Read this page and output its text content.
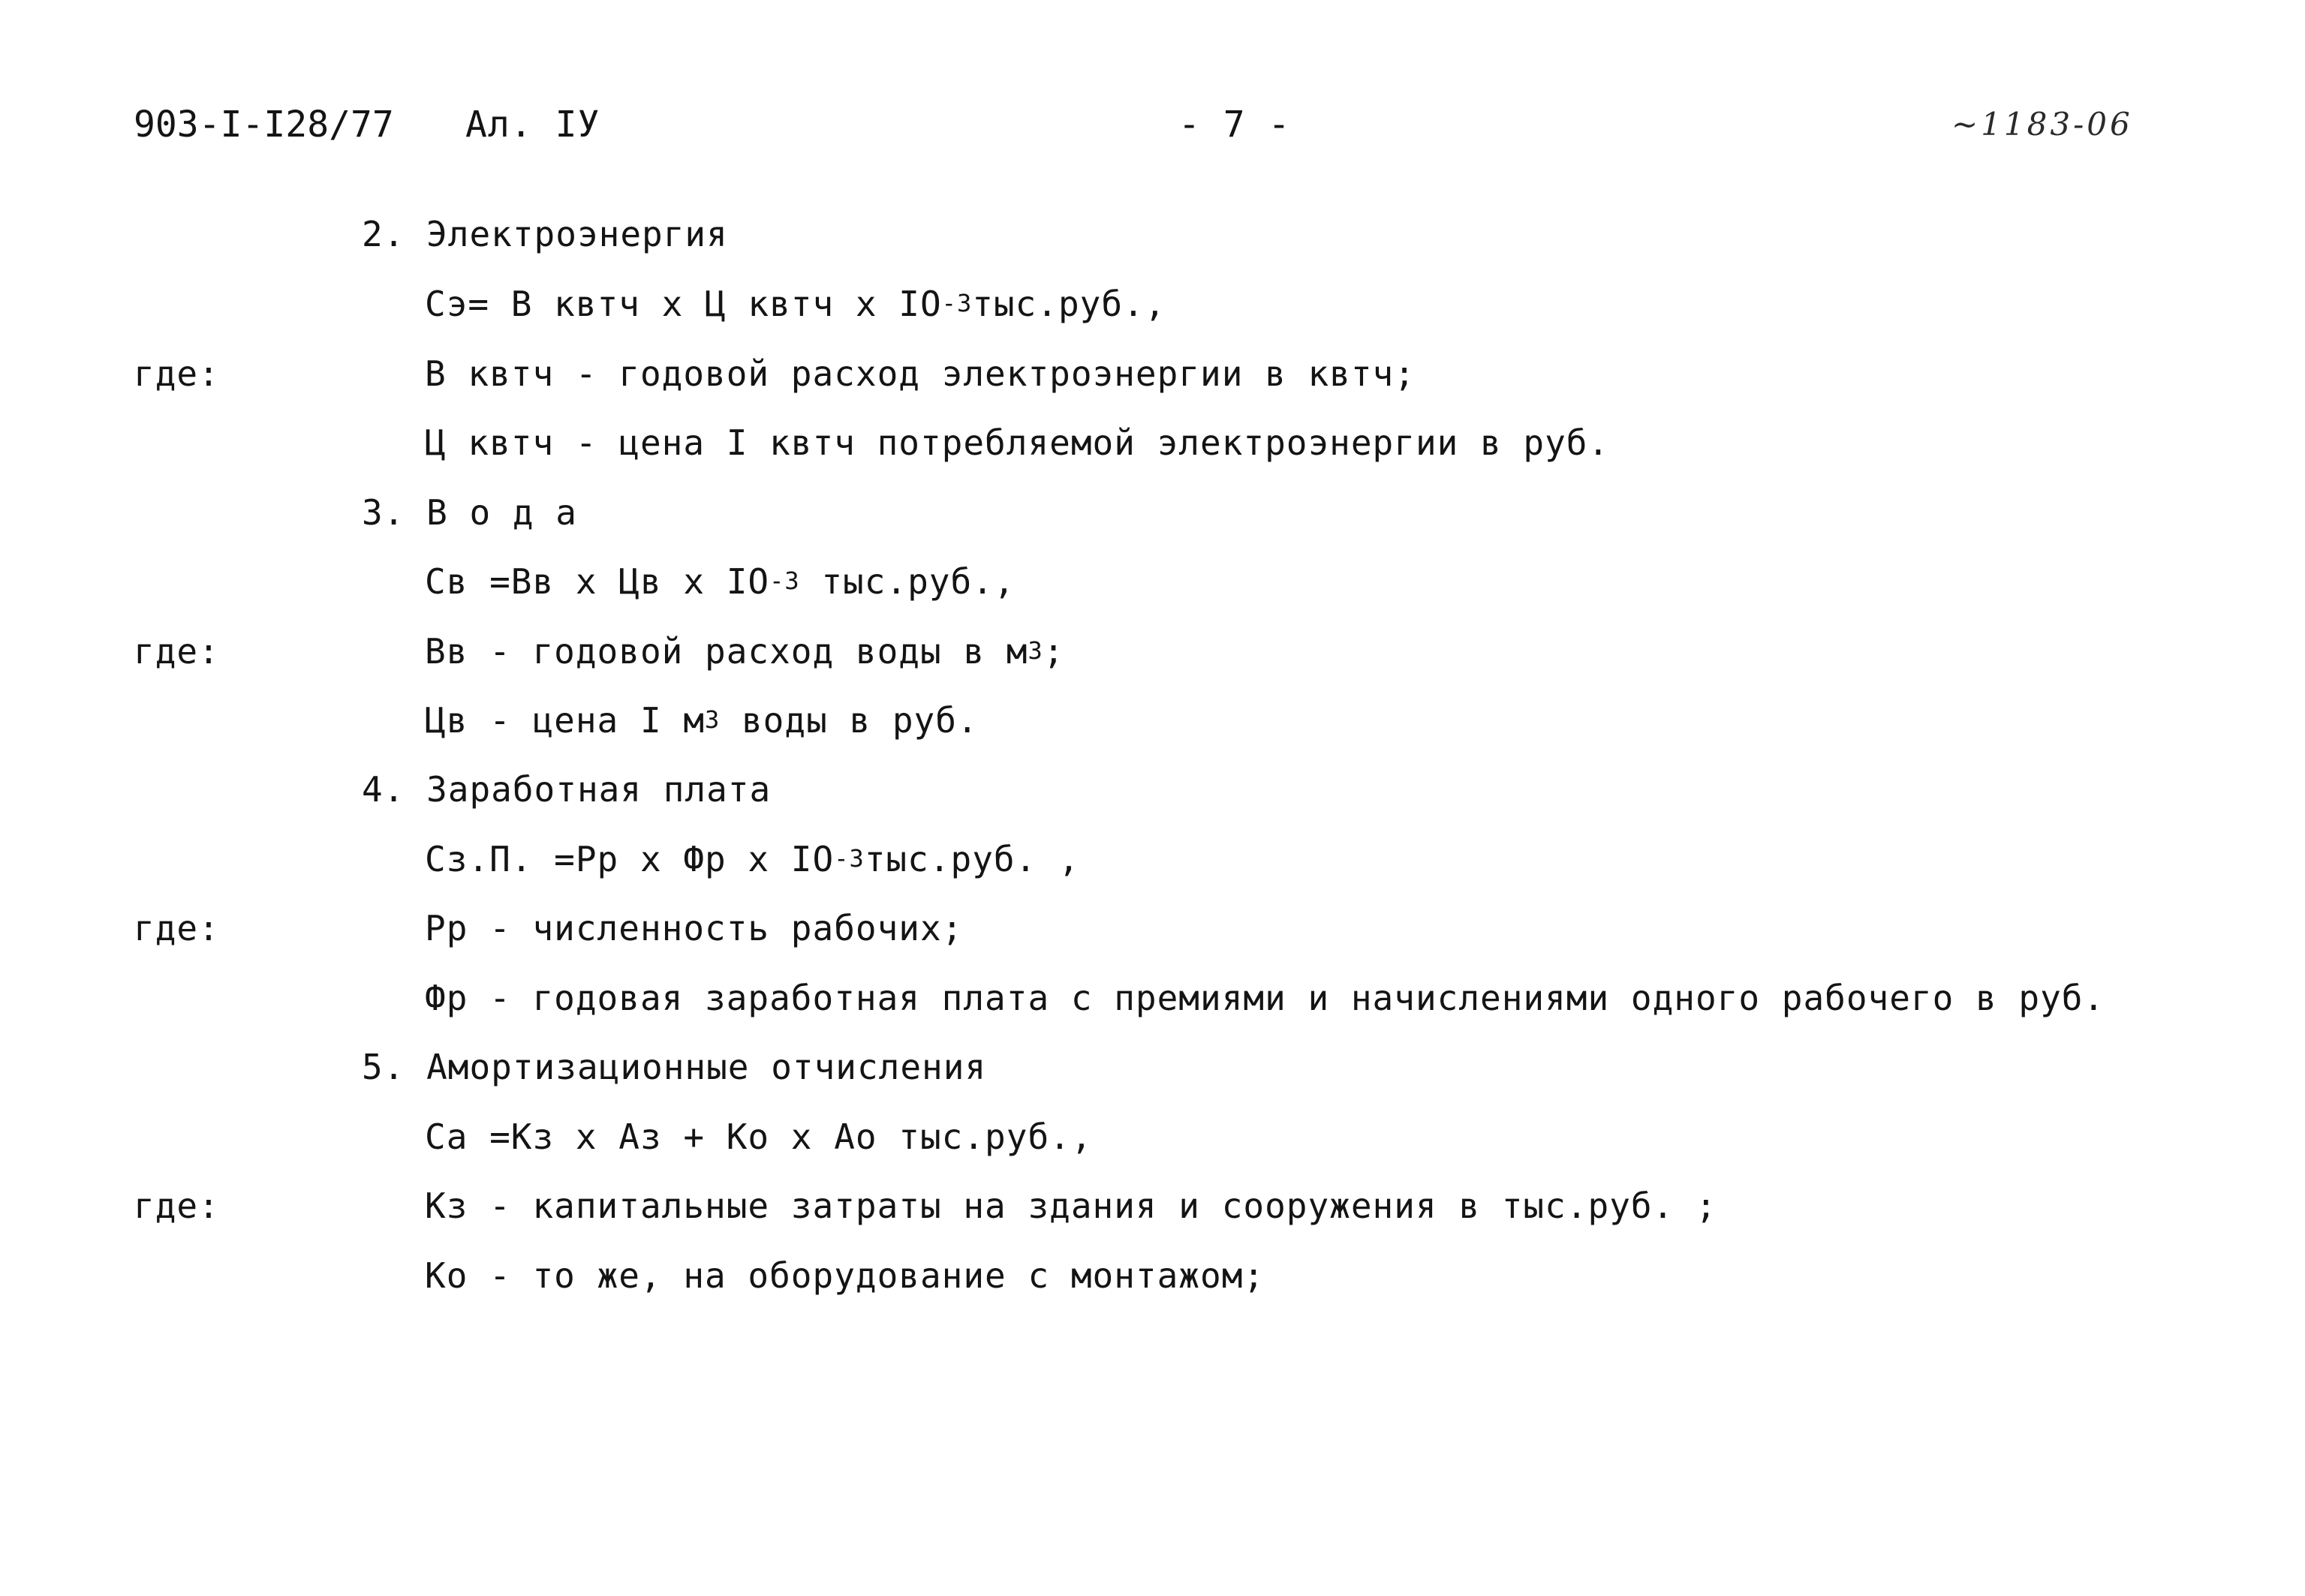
903-I-I28/77 Ал. IУ	- 7 -	~1183-06
2. Электроэнергия
Сэ= В квтч х Ц квтч х $IO^{-3}тыс.руб$.,
где:	В квтч - годовой расход электроэнергии в квтч;
Ц квтч - цена I квтч потребляемой электроэнергии в руб.
3. В о д а
Св =Вв х Цв х $IO^{-3}$ тыс.руб.,
где:	Вв - годовой расход воды в $м^3$;
Цв - цена I $м^3$ воды в руб.
4. Заработная плата
Сз.П. =Рр х Фр х $IO^{-3}тыс.руб$. ,
где:	Рр - численность рабочих;
Фр - годовая заработная плата с премиями и начислениями одного рабочего в руб.
5. Амортизационные отчисления
Са =Кз х Аз + Ко х Ао тыс.руб.,
где:	Кз - капитальные затраты на здания и сооружения в тыс.руб. ;
Ко - то же, на оборудование с монтажом;
